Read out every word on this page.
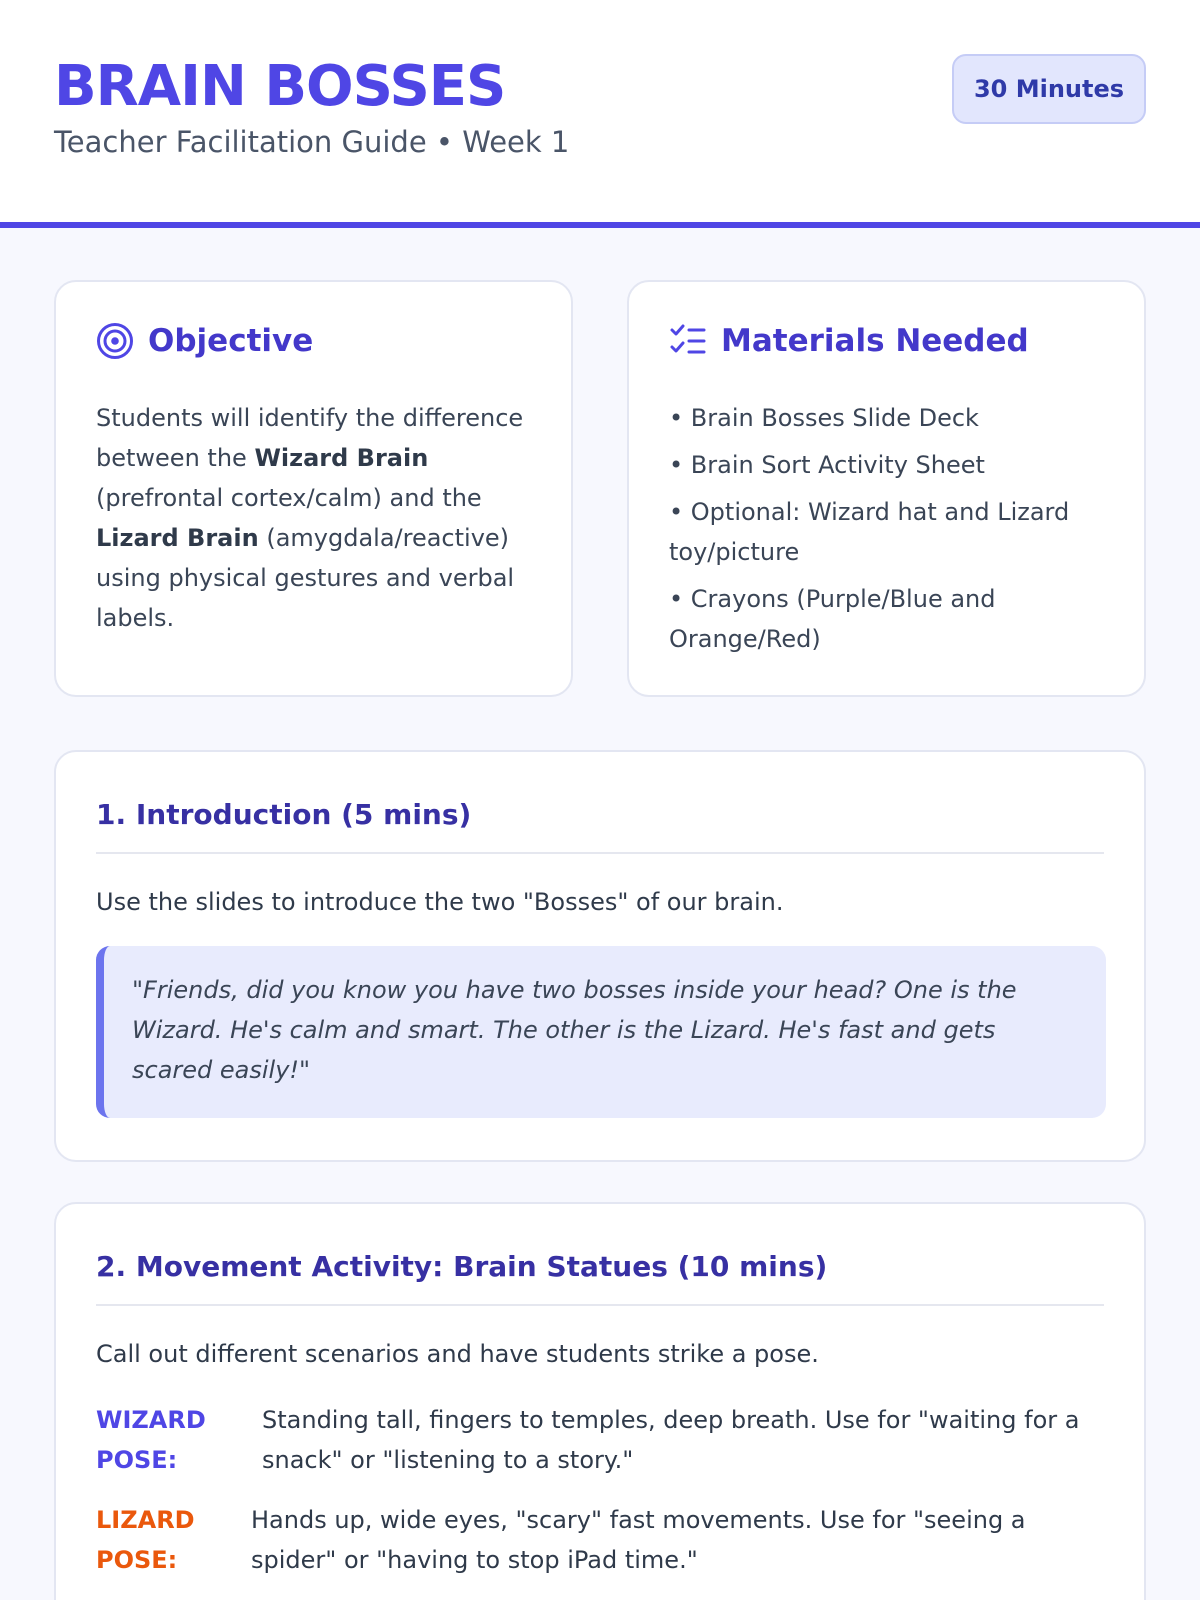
BRAIN BOSSES
Teacher Facilitation Guide • Week 1
30 Minutes
Objective
Students will identify the difference between the Wizard Brain (prefrontal cortex/calm) and the Lizard Brain (amygdala/reactive) using physical gestures and verbal labels.
Materials Needed
• Brain Bosses Slide Deck
• Brain Sort Activity Sheet
• Optional: Wizard hat and Lizard toy/picture
• Crayons (Purple/Blue and Orange/Red)
1. Introduction (5 mins)
Use the slides to introduce the two "Bosses" of our brain.
"Friends, did you know you have two bosses inside your head? One is the Wizard. He's calm and smart. The other is the Lizard. He's fast and gets scared easily!"
2. Movement Activity: Brain Statues (10 mins)
Call out different scenarios and have students strike a pose.
WIZARD
POSE:
Standing tall, fingers to temples, deep breath. Use for "waiting for a snack" or "listening to a story."
LIZARD
POSE:
Hands up, wide eyes, "scary" fast movements. Use for "seeing a spider" or "having to stop iPad time."
